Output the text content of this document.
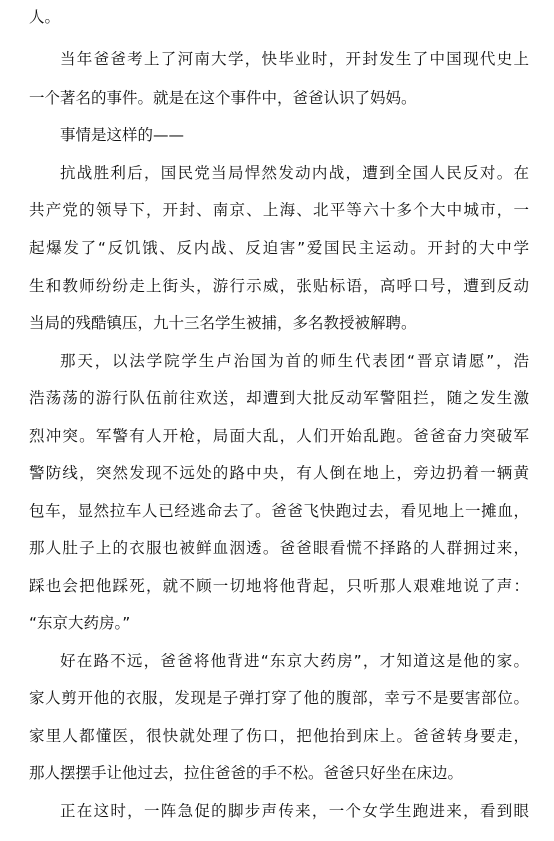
人。
当年爸爸考上了河南大学，快毕业时，开封发生了中国现代史上
一个著名的事件。就是在这个事件中，爸爸认识了妈妈。
事情是这样的——
抗战胜利后，国民党当局悍然发动内战，遭到全国人民反对。在
共产党的领导下，开封、南京、上海、北平等六十多个大中城市，一
起爆发了“反饥饿、反内战、反迫害”爱国民主运动。开封的大中学
生和教师纷纷走上街头，游行示威，张贴标语，高呼口号，遭到反动
当局的残酷镇压，九十三名学生被捕，多名教授被解聘。
那天，以法学院学生卢治国为首的师生代表团“晋京请愿”，浩
浩荡荡的游行队伍前往欢送，却遭到大批反动军警阻拦，随之发生激
烈冲突。军警有人开枪，局面大乱，人们开始乱跑。爸爸奋力突破军
警防线，突然发现不远处的路中央，有人倒在地上，旁边扔着一辆黄
包车，显然拉车人已经逃命去了。爸爸飞快跑过去，看见地上一摊血，
那人肚子上的衣服也被鲜血洇透。爸爸眼看慌不择路的人群拥过来，
踩也会把他踩死，就不顾一切地将他背起，只听那人艰难地说了声：
“东京大药房。”
好在路不远，爸爸将他背进“东京大药房”，才知道这是他的家。
家人剪开他的衣服，发现是子弹打穿了他的腹部，幸亏不是要害部位。
家里人都懂医，很快就处理了伤口，把他抬到床上。爸爸转身要走，
那人摆摆手让他过去，拉住爸爸的手不松。爸爸只好坐在床边。
正在这时，一阵急促的脚步声传来，一个女学生跑进来，看到眼
